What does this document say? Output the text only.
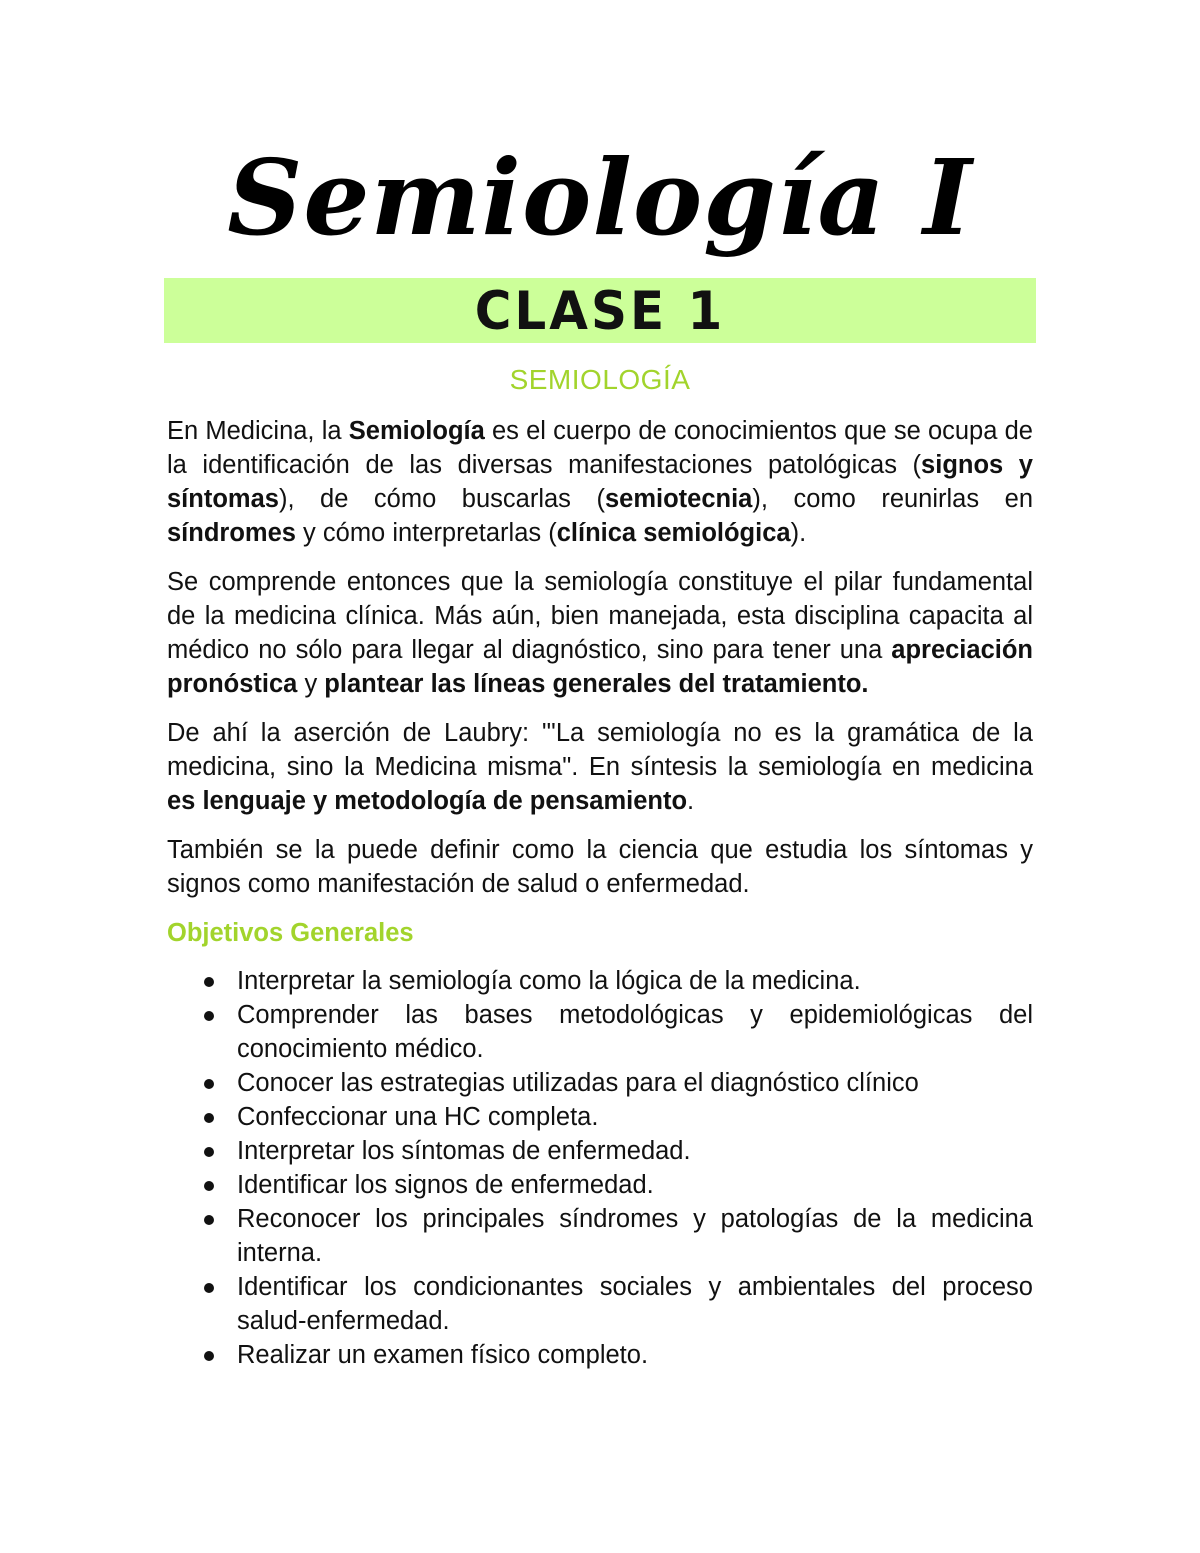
Semiología I
CLASE 1
SEMIOLOGÍA

En Medicina, la Semiología es el cuerpo de conocimientos que se ocupa de la identificación de las diversas manifestaciones patológicas (signos y síntomas), de cómo buscarlas (semiotecnia), como reunirlas en síndromes y cómo interpretarlas (clínica semiológica).

Se comprende entonces que la semiología constituye el pilar fundamental de la medicina clínica. Más aún, bien manejada, esta disciplina capacita al médico no sólo para llegar al diagnóstico, sino para tener una apreciación pronóstica y plantear las líneas generales del tratamiento.

De ahí la aserción de Laubry: "'La semiología no es la gramática de la medicina, sino la Medicina misma". En síntesis la semiología en medicina es lenguaje y metodología de pensamiento.

También se la puede definir como la ciencia que estudia los síntomas y signos como manifestación de salud o enfermedad.

Objetivos Generales
Interpretar la semiología como la lógica de la medicina.
Comprender las bases metodológicas y epidemiológicas del conocimiento médico.
Conocer las estrategias utilizadas para el diagnóstico clínico
Confeccionar una HC completa.
Interpretar los síntomas de enfermedad.
Identificar los signos de enfermedad.
Reconocer los principales síndromes y patologías de la medicina interna.
Identificar los condicionantes sociales y ambientales del proceso salud-enfermedad.
Realizar un examen físico completo.
